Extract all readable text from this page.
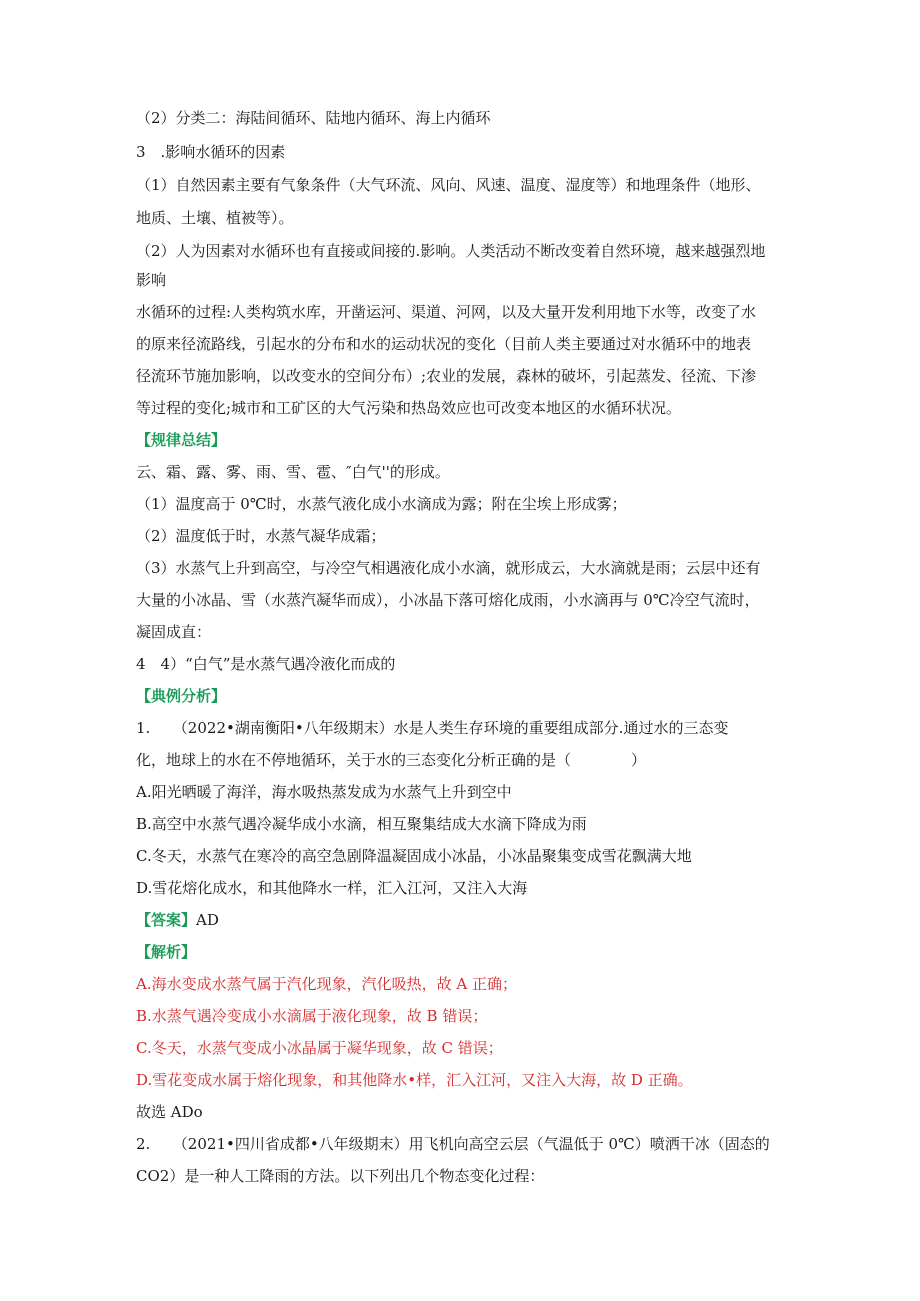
（2）分类二：海陆间循环、陆地内循环、海上内循环
3　.影响水循环的因素
（1）自然因素主要有气象条件（大气环流、风向、风速、温度、湿度等）和地理条件（地形、
地质、土壤、植被等）。
（2）人为因素对水循环也有直接或间接的.影响。人类活动不断改变着自然环境，越来越强烈地
影响
水循环的过程:人类构筑水库，开凿运河、渠道、河网，以及大量开发利用地下水等，改变了水
的原来径流路线，引起水的分布和水的运动状况的变化（目前人类主要通过对水循环中的地表
径流环节施加影响，以改变水的空间分布）;农业的发展，森林的破坏，引起蒸发、径流、下渗
等过程的变化;城市和工矿区的大气污染和热岛效应也可改变本地区的水循环状况。
【规律总结】
云、霜、露、雾、雨、雪、雹、″白气''的形成。
（1）温度高于 0℃时，水蒸气液化成小水滴成为露；附在尘埃上形成雾；
（2）温度低于时，水蒸气凝华成霜；
（3）水蒸气上升到高空，与冷空气相遇液化成小水滴，就形成云，大水滴就是雨；云层中还有
大量的小冰晶、雪（水蒸汽凝华而成），小冰晶下落可熔化成雨，小水滴再与 0℃冷空气流时，
凝固成直：
4　4）“白气”是水蒸气遇冷液化而成的
【典例分析】
1.　　（2022•湖南衡阳•八年级期末）水是人类生存环境的重要组成部分.通过水的三态变
化，地球上的水在不停地循环，关于水的三态变化分析正确的是（　　　　）
A.阳光晒暖了海洋，海水吸热蒸发成为水蒸气上升到空中
B.高空中水蒸气遇冷凝华成小水滴，相互聚集结成大水滴下降成为雨
C.冬天，水蒸气在寒冷的高空急剧降温凝固成小冰晶，小冰晶聚集变成雪花飘满大地
D.雪花熔化成水，和其他降水一样，汇入江河，又注入大海
【答案】AD
【解析】
A.海水变成水蒸气属于汽化现象，汽化吸热，故 A 正确；
B.水蒸气遇冷变成小水滴属于液化现象，故 B 错误；
C.冬天，水蒸气变成小冰晶属于凝华现象，故 C 错误；
D.雪花变成水属于熔化现象，和其他降水•样，汇入江河，又注入大海，故 D 正确。
故选 ADo
2.　　（2021•四川省成都•八年级期末）用飞机向高空云层（气温低于 0℃）喷洒干冰（固态的
CO2）是一种人工降雨的方法。以下列出几个物态变化过程：
